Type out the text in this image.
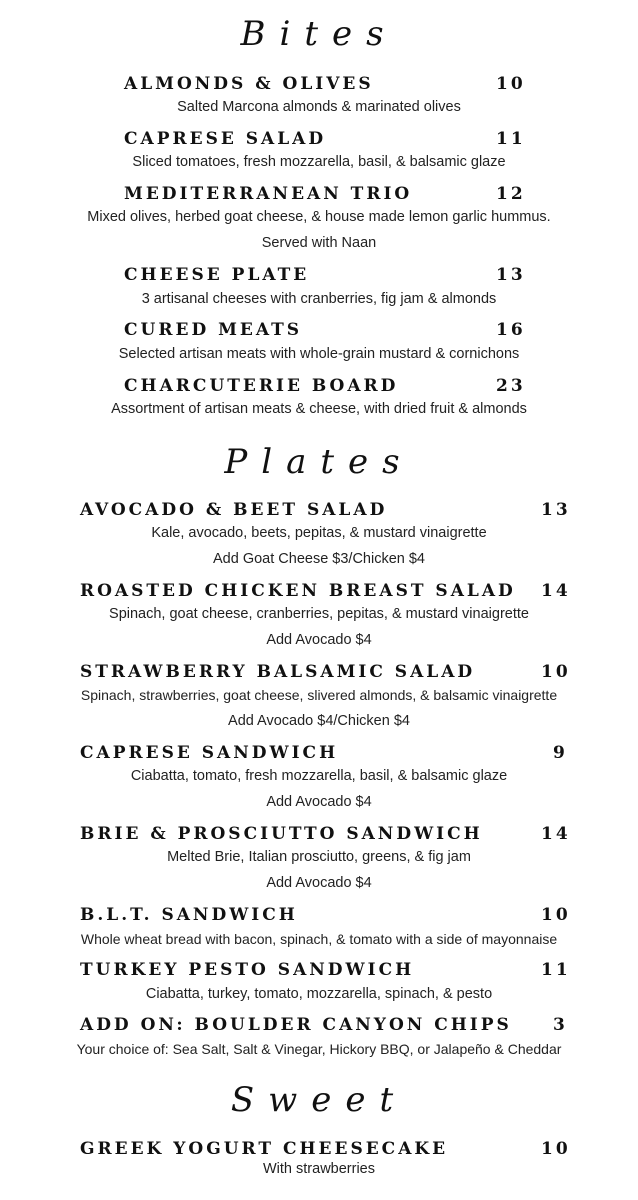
Bites
Plates
Sweet
ALMONDS & OLIVES	10
Salted Marcona almonds & marinated olives
CAPRESE SALAD	11
Sliced tomatoes, fresh mozzarella, basil, & balsamic glaze
MEDITERRANEAN TRIO	12
Mixed olives, herbed goat cheese, & house made lemon garlic hummus.
Served with Naan
CHEESE PLATE	13
3 artisanal cheeses with cranberries, fig jam & almonds
CURED MEATS	16
Selected artisan meats with whole-grain mustard & cornichons
CHARCUTERIE BOARD	23
Assortment of artisan meats & cheese, with dried fruit & almonds
AVOCADO & BEET SALAD	13
Kale, avocado, beets, pepitas, & mustard vinaigrette
Add Goat Cheese $3/Chicken $4
ROASTED CHICKEN BREAST SALAD 14
Spinach, goat cheese, cranberries, pepitas, & mustard vinaigrette
Add Avocado $4
STRAWBERRY BALSAMIC SALAD	10
Spinach, strawberries, goat cheese, slivered almonds, & balsamic vinaigrette
Add Avocado $4/Chicken $4
CAPRESE SANDWICH	9
Ciabatta, tomato, fresh mozzarella, basil, & balsamic glaze
Add Avocado $4
BRIE & PROSCIUTTO SANDWICH	14
Melted Brie, Italian prosciutto, greens, & fig jam
Add Avocado $4
B.L.T. SANDWICH	10
Whole wheat bread with bacon, spinach, & tomato with a side of mayonnaise
TURKEY PESTO SANDWICH	11
Ciabatta, turkey, tomato, mozzarella, spinach, & pesto
ADD ON: BOULDER CANYON CHIPS 3
Your choice of: Sea Salt, Salt & Vinegar, Hickory BBQ, or Jalapeño & Cheddar
GREEK YOGURT CHEESECAKE	10
With strawberries
